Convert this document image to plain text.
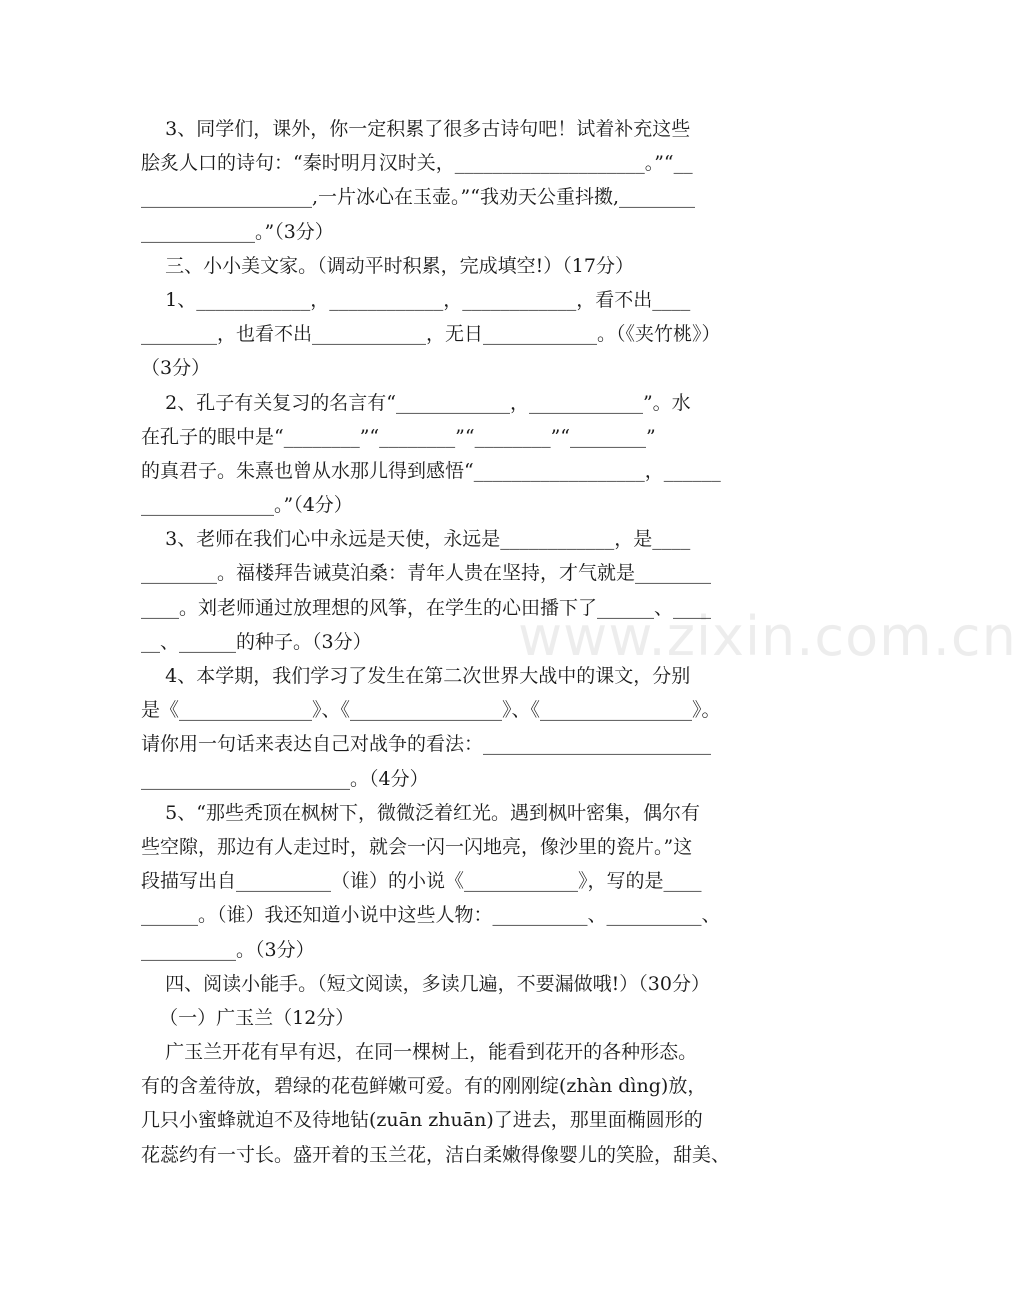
3、同学们，课外，你一定积累了很多古诗句吧！试着补充这些
脍炙人口的诗句：“秦时明月汉时关，____________________。”“__
__________________,一片冰心在玉壶。”“我劝天公重抖擞,________
____________。”（3分）
三、小小美文家。（调动平时积累，完成填空!）（17分）
1、____________，____________，____________，看不出____
________，也看不出____________，无日____________。（《夹竹桃》）
（3分）
2、孔子有关复习的名言有“____________，____________”。水
在孔子的眼中是“________”“________”“________”“________”
的真君子。朱熹也曾从水那儿得到感悟“__________________，______
______________。”（4分）
3、老师在我们心中永远是天使，永远是____________，是____
________。福楼拜告诫莫泊桑：青年人贵在坚持，才气就是________
____。刘老师通过放理想的风筝，在学生的心田播下了______、____
__、______的种子。（3分）
4、本学期，我们学习了发生在第二次世界大战中的课文，分别
是《______________》、《________________》、《________________》。
请你用一句话来表达自己对战争的看法：________________________
______________________。（4分）
5、“那些秃顶在枫树下，微微泛着红光。遇到枫叶密集，偶尔有
些空隙，那边有人走过时，就会一闪一闪地亮，像沙里的瓷片。”这
段描写出自__________（谁）的小说《____________》，写的是____
______。（谁）我还知道小说中这些人物：__________、__________、
__________。（3分）
四、阅读小能手。（短文阅读，多读几遍，不要漏做哦!）（30分）
（一）广玉兰（12分）
广玉兰开花有早有迟，在同一棵树上，能看到花开的各种形态。
有的含羞待放，碧绿的花苞鲜嫩可爱。有的刚刚绽(zhàn dìng)放，
几只小蜜蜂就迫不及待地钻(zuān zhuān)了进去，那里面椭圆形的
花蕊约有一寸长。盛开着的玉兰花，洁白柔嫩得像婴儿的笑脸，甜美、
www.zixin.com.cn
